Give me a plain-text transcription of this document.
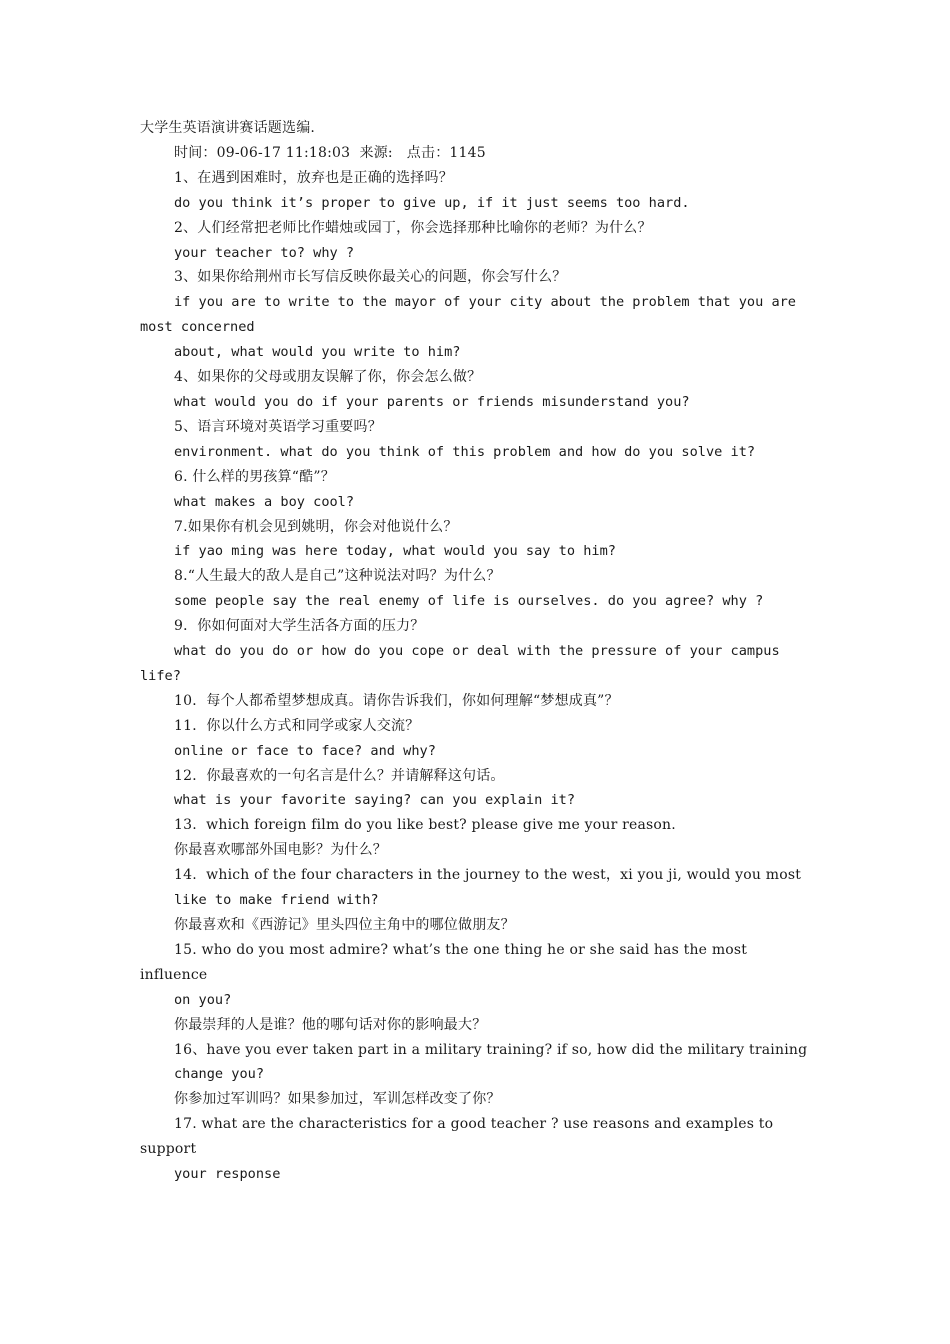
大学生英语演讲赛话题选编.
时间：09-06-17 11:18:03  来源:   点击：1145
1、在遇到困难时，放弃也是正确的选择吗？
do you think it’s proper to give up, if it just seems too hard.
2、人们经常把老师比作蜡烛或园丁，你会选择那种比喻你的老师？为什么？
your teacher to? why ?
3、如果你给荆州市长写信反映你最关心的问题，你会写什么？
if you are to write to the mayor of your city about the problem that you are most concerned
about, what would you write to him?
4、如果你的父母或朋友误解了你，你会怎么做？
what would you do if your parents or friends misunderstand you?
5、语言环境对英语学习重要吗？
environment. what do you think of this problem and how do you solve it?
6. 什么样的男孩算“酷”？
what makes a boy cool?
7.如果你有机会见到姚明，你会对他说什么？
if yao ming was here today, what would you say to him?
8.“人生最大的敌人是自己”这种说法对吗？为什么？
some people say the real enemy of life is ourselves. do you agree? why ?
9．你如何面对大学生活各方面的压力？
what do you do or how do you cope or deal with the pressure of your campus life?
10．每个人都希望梦想成真。请你告诉我们，你如何理解“梦想成真”？
11．你以什么方式和同学或家人交流？
online or face to face? and why?
12．你最喜欢的一句名言是什么？并请解释这句话。
what is your favorite saying? can you explain it?
13.  which foreign film do you like best? please give me your reason.
你最喜欢哪部外国电影？为什么？
14.  which of the four characters in the journey to the west，xi you ji, would you most
like to make friend with?
你最喜欢和《西游记》里头四位主角中的哪位做朋友？
15. who do you most admire? what’s the one thing he or she said has the most influence
on you?
你最崇拜的人是谁？他的哪句话对你的影响最大？
16、have you ever taken part in a military training? if so, how did the military training
change you?
你参加过军训吗？如果参加过，军训怎样改变了你？
17. what are the characteristics for a good teacher ? use reasons and examples to support
your response
